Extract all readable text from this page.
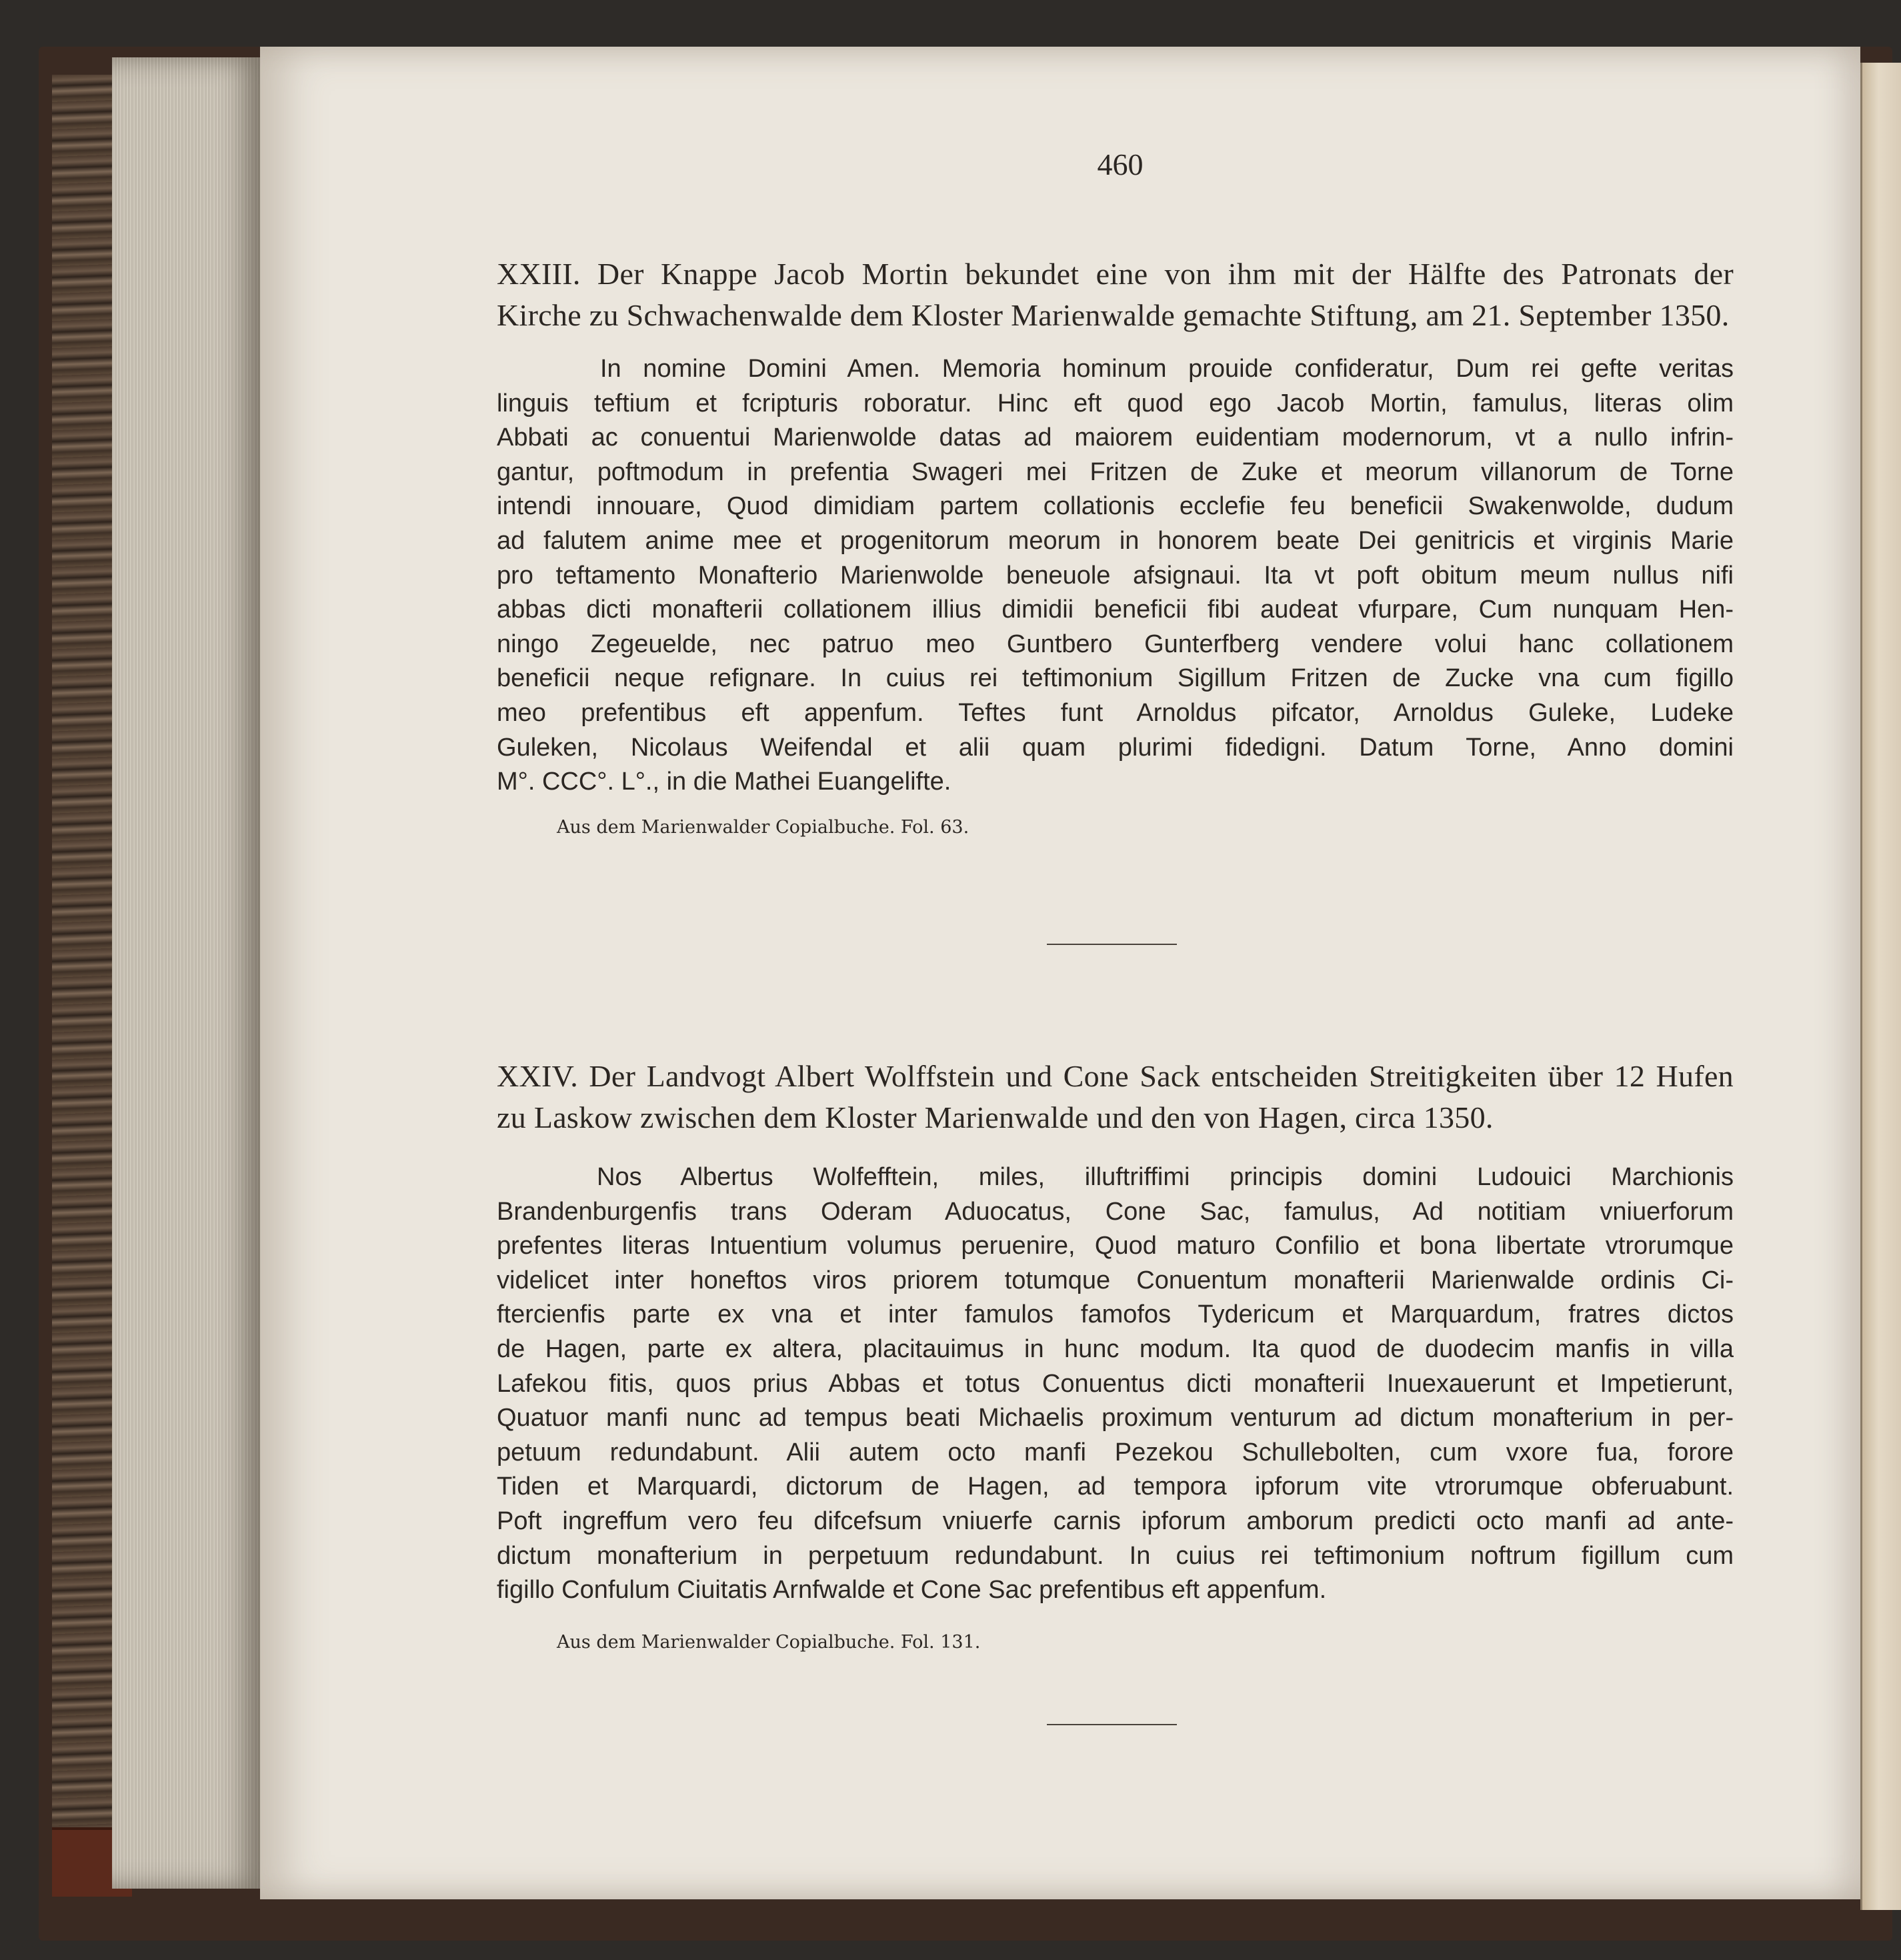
460
XXIII. Der Knappe Jacob Mortin bekundet eine von ihm mit der Hälfte des Patronats der
Kirche zu Schwachenwalde dem Kloster Marienwalde gemachte Stiftung, am 21. September 1350.
In nomine Domini Amen. Memoria hominum prouide confideratur, Dum rei gefte veritas
linguis teftium et fcripturis roboratur. Hinc eft quod ego Jacob Mortin, famulus, literas olim
Abbati ac conuentui Marienwolde datas ad maiorem euidentiam modernorum, vt a nullo infrin-
gantur, poftmodum in prefentia Swageri mei Fritzen de Zuke et meorum villanorum de Torne
intendi innouare, Quod dimidiam partem collationis ecclefie feu beneficii Swakenwolde, dudum
ad falutem anime mee et progenitorum meorum in honorem beate Dei genitricis et virginis Marie
pro teftamento Monafterio Marienwolde beneuole afsignaui. Ita vt poft obitum meum nullus nifi
abbas dicti monafterii collationem illius dimidii beneficii fibi audeat vfurpare, Cum nunquam Hen-
ningo Zegeuelde, nec patruo meo Guntbero Gunterfberg vendere volui hanc collationem
beneficii neque refignare. In cuius rei teftimonium Sigillum Fritzen de Zucke vna cum figillo
meo prefentibus eft appenfum. Teftes funt Arnoldus pifcator, Arnoldus Guleke, Ludeke
Guleken, Nicolaus Weifendal et alii quam plurimi fidedigni. Datum Torne, Anno domini
M°. CCC°. L°., in die Mathei Euangelifte.
Aus dem Marienwalder Copialbuche. Fol. 63.
XXIV. Der Landvogt Albert Wolffstein und Cone Sack entscheiden Streitigkeiten über 12 Hufen
zu Laskow zwischen dem Kloster Marienwalde und den von Hagen, circa 1350.
Nos Albertus Wolfefftein, miles, illuftriffimi principis domini Ludouici Marchionis
Brandenburgenfis trans Oderam Aduocatus, Cone Sac, famulus, Ad notitiam vniuerforum
prefentes literas Intuentium volumus peruenire, Quod maturo Confilio et bona libertate vtrorumque
videlicet inter honeftos viros priorem totumque Conuentum monafterii Marienwalde ordinis Ci-
ftercienfis parte ex vna et inter famulos famofos Tydericum et Marquardum, fratres dictos
de Hagen, parte ex altera, placitauimus in hunc modum. Ita quod de duodecim manfis in villa
Lafekou fitis, quos prius Abbas et totus Conuentus dicti monafterii Inuexauerunt et Impetierunt,
Quatuor manfi nunc ad tempus beati Michaelis proximum venturum ad dictum monafterium in per-
petuum redundabunt. Alii autem octo manfi Pezekou Schullebolten, cum vxore fua, forore
Tiden et Marquardi, dictorum de Hagen, ad tempora ipforum vite vtrorumque obferuabunt.
Poft ingreffum vero feu difcefsum vniuerfe carnis ipforum amborum predicti octo manfi ad ante-
dictum monafterium in perpetuum redundabunt. In cuius rei teftimonium noftrum figillum cum
figillo Confulum Ciuitatis Arnfwalde et Cone Sac prefentibus eft appenfum.
Aus dem Marienwalder Copialbuche. Fol. 131.
